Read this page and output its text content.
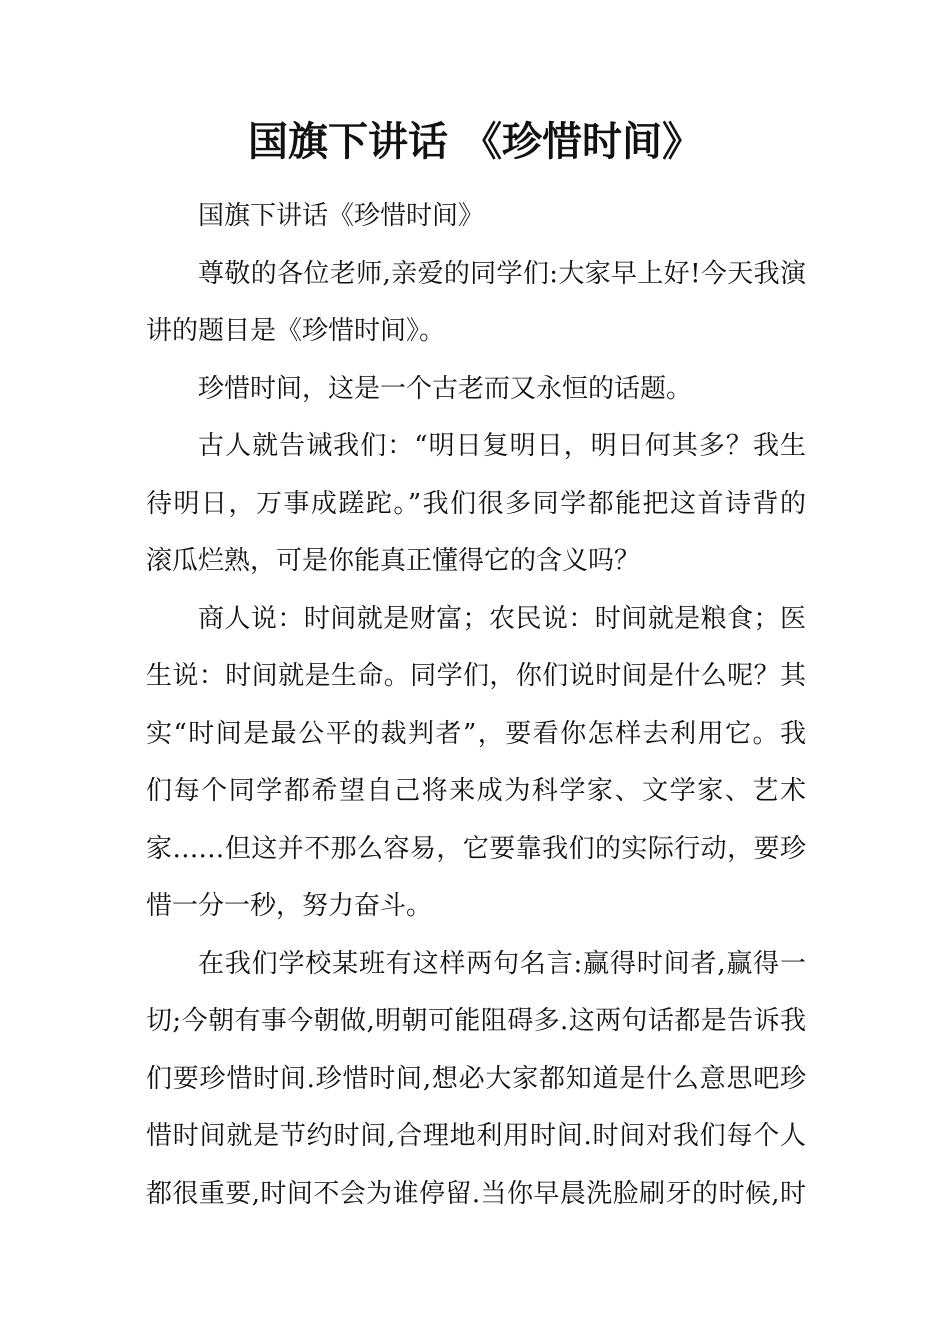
国旗下讲话 《珍惜时间》
国旗下讲话《珍惜时间》
尊敬的各位老师,亲爱的同学们:大家早上好!今天我演
讲的题目是《珍惜时间》。
珍惜时间，这是一个古老而又永恒的话题。
古人就告诫我们：“明日复明日，明日何其多？我生
待明日，万事成蹉跎。”我们很多同学都能把这首诗背的
滚瓜烂熟，可是你能真正懂得它的含义吗？
商人说：时间就是财富；农民说：时间就是粮食；医
生说：时间就是生命。同学们，你们说时间是什么呢？其
实“时间是最公平的裁判者”，要看你怎样去利用它。我
们每个同学都希望自己将来成为科学家、文学家、艺术
家……但这并不那么容易，它要靠我们的实际行动，要珍
惜一分一秒，努力奋斗。
在我们学校某班有这样两句名言:赢得时间者,赢得一
切;今朝有事今朝做,明朝可能阻碍多.这两句话都是告诉我
们要珍惜时间.珍惜时间,想必大家都知道是什么意思吧珍
惜时间就是节约时间,合理地利用时间.时间对我们每个人
都很重要,时间不会为谁停留.当你早晨洗脸刷牙的时候,时
